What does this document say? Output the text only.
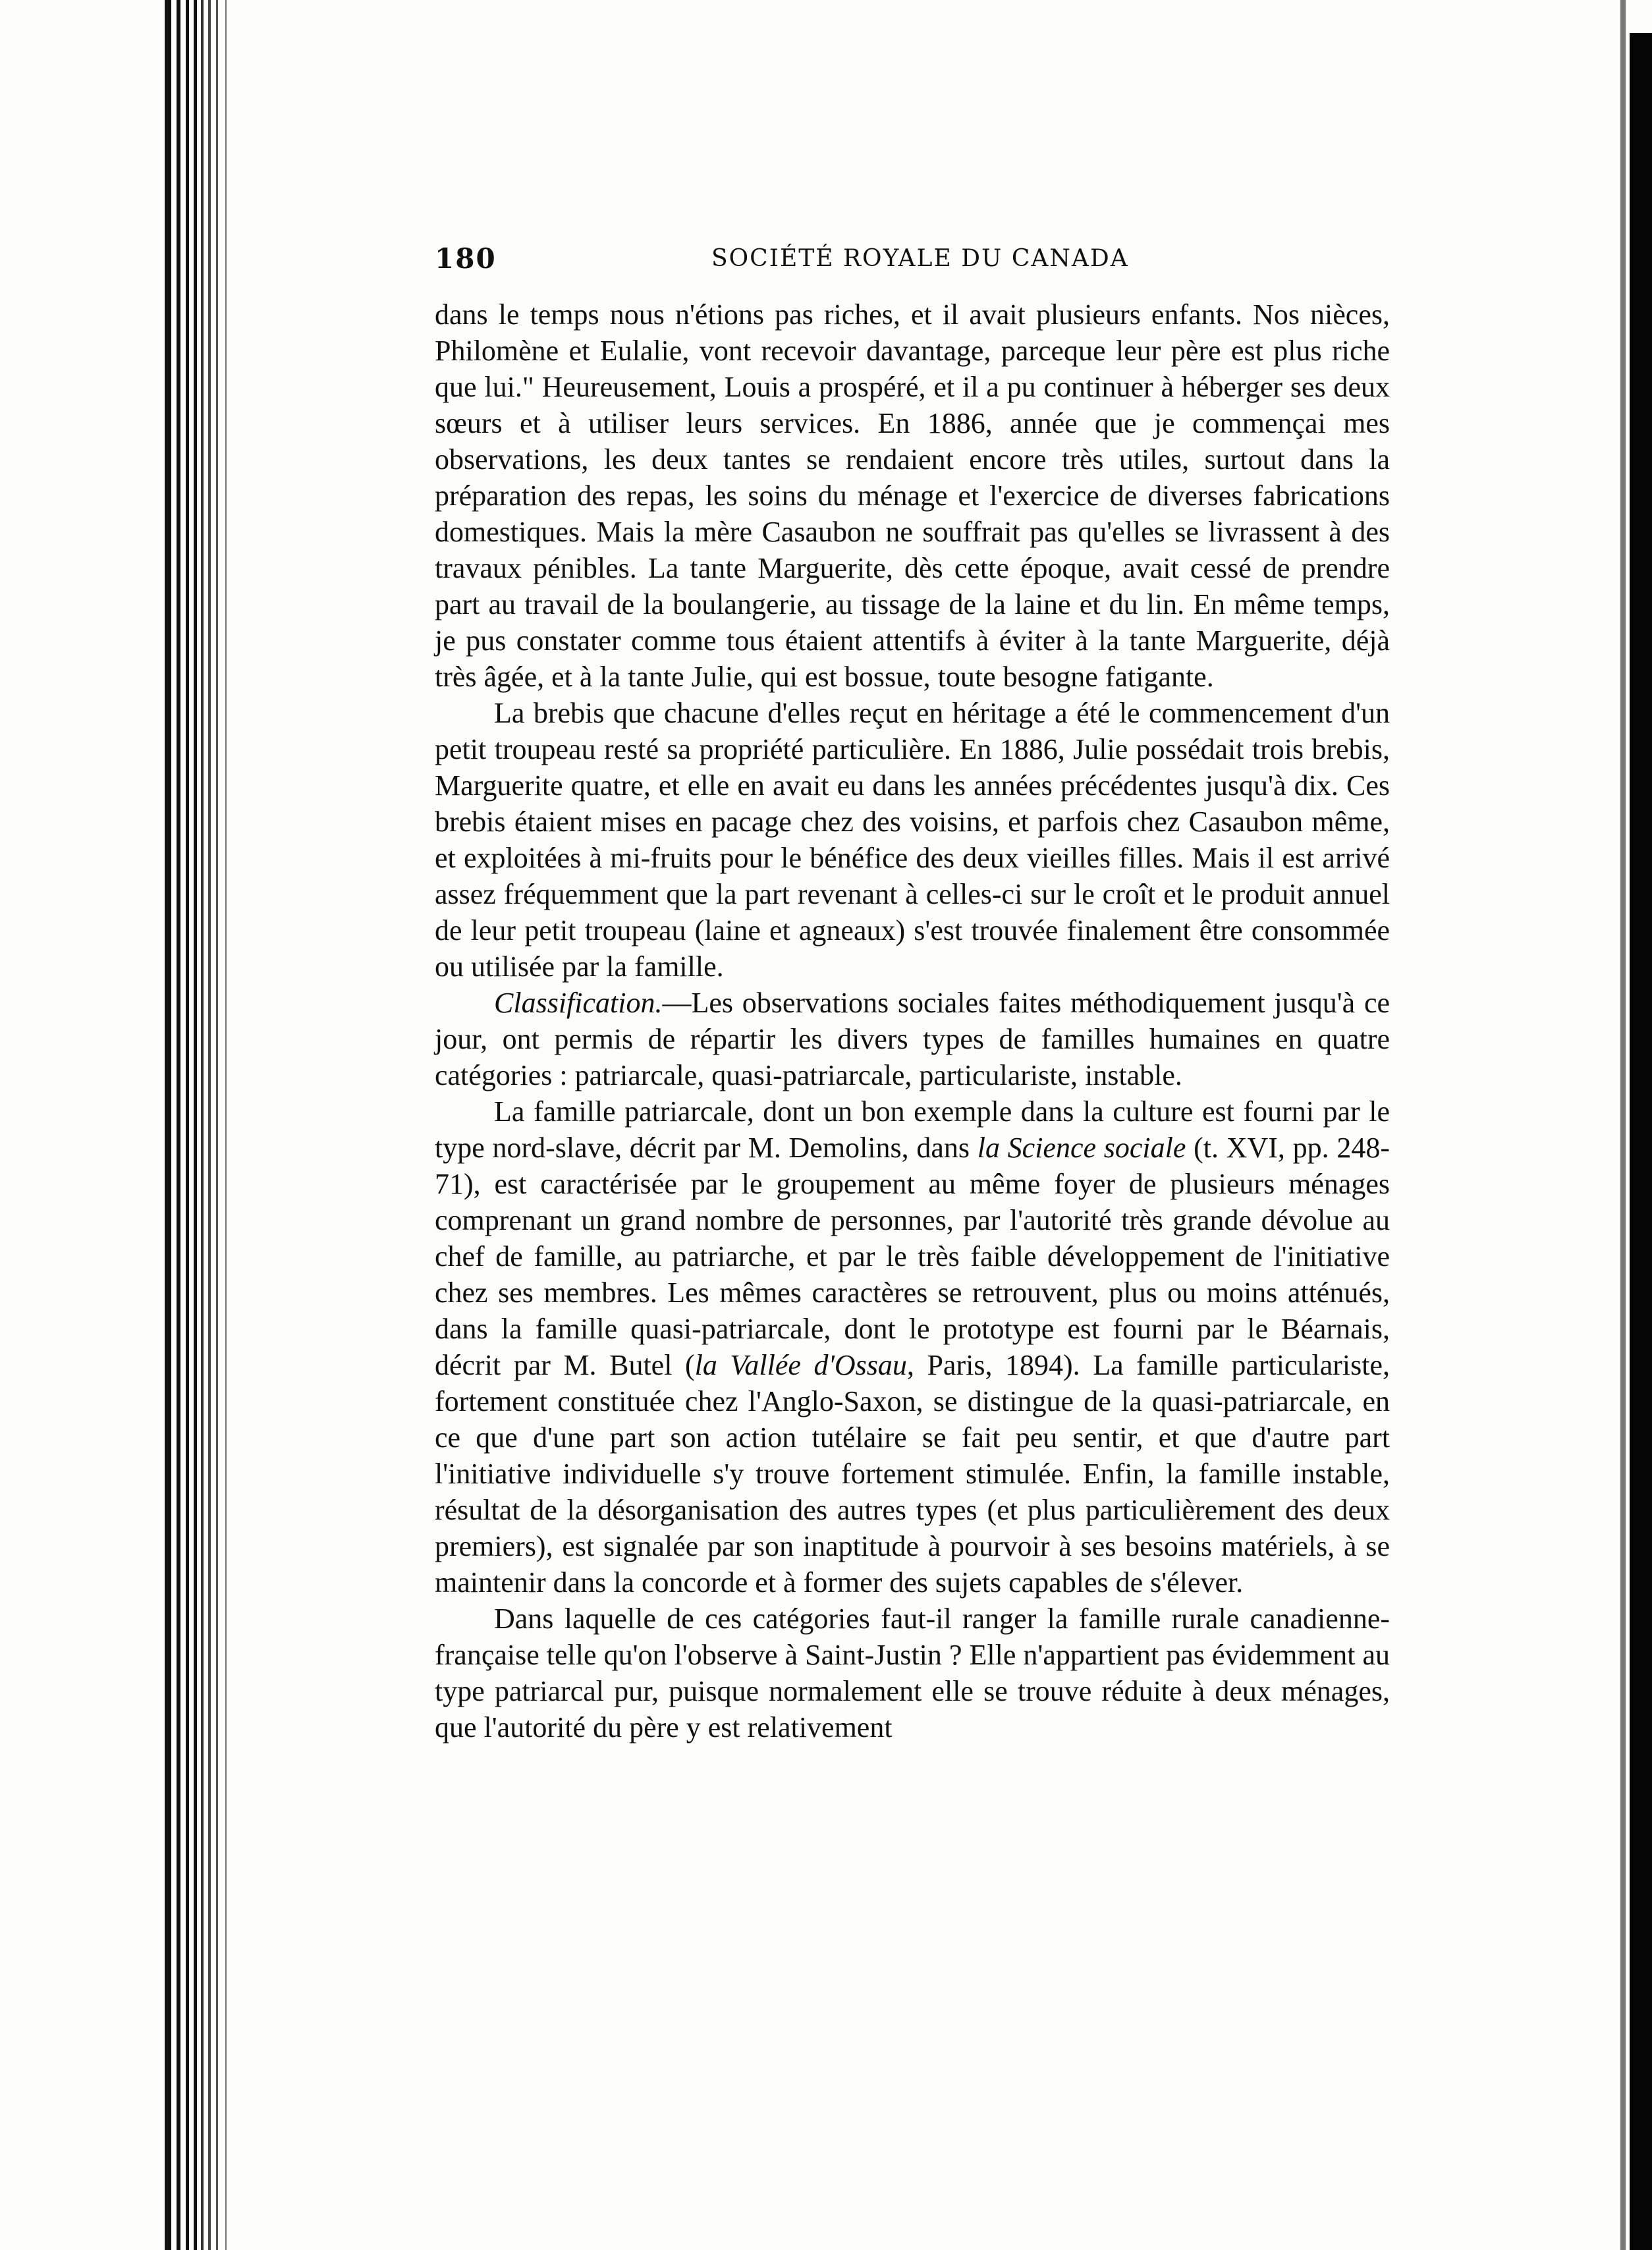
180	SOCIÉTÉ ROYALE DU CANADA

dans le temps nous n'étions pas riches, et il avait plusieurs enfants. Nos nièces, Philomène et Eulalie, vont recevoir davantage, parceque leur père est plus riche que lui." Heureusement, Louis a prospéré, et il a pu continuer à héberger ses deux sœurs et à utiliser leurs services. En 1886, année que je commençai mes observations, les deux tantes se rendaient encore très utiles, surtout dans la préparation des repas, les soins du ménage et l'exercice de diverses fabrications domestiques. Mais la mère Casaubon ne souffrait pas qu'elles se livrassent à des travaux pénibles. La tante Marguerite, dès cette époque, avait cessé de prendre part au travail de la boulangerie, au tissage de la laine et du lin. En même temps, je pus constater comme tous étaient attentifs à éviter à la tante Marguerite, déjà très âgée, et à la tante Julie, qui est bossue, toute besogne fatigante.

La brebis que chacune d'elles reçut en héritage a été le commencement d'un petit troupeau resté sa propriété particulière. En 1886, Julie possédait trois brebis, Marguerite quatre, et elle en avait eu dans les années précédentes jusqu'à dix. Ces brebis étaient mises en pacage chez des voisins, et parfois chez Casaubon même, et exploitées à mi-fruits pour le bénéfice des deux vieilles filles. Mais il est arrivé assez fréquemment que la part revenant à celles-ci sur le croît et le produit annuel de leur petit troupeau (laine et agneaux) s'est trouvée finalement être consommée ou utilisée par la famille.

Classification.—Les observations sociales faites méthodiquement jusqu'à ce jour, ont permis de répartir les divers types de familles humaines en quatre catégories : patriarcale, quasi-patriarcale, particulariste, instable.

La famille patriarcale, dont un bon exemple dans la culture est fourni par le type nord-slave, décrit par M. Demolins, dans la Science sociale (t. XVI, pp. 248-71), est caractérisée par le groupement au même foyer de plusieurs ménages comprenant un grand nombre de personnes, par l'autorité très grande dévolue au chef de famille, au patriarche, et par le très faible développement de l'initiative chez ses membres. Les mêmes caractères se retrouvent, plus ou moins atténués, dans la famille quasi-patriarcale, dont le prototype est fourni par le Béarnais, décrit par M. Butel (la Vallée d'Ossau, Paris, 1894). La famille particulariste, fortement constituée chez l'Anglo-Saxon, se distingue de la quasi-patriarcale, en ce que d'une part son action tutélaire se fait peu sentir, et que d'autre part l'initiative individuelle s'y trouve fortement stimulée. Enfin, la famille instable, résultat de la désorganisation des autres types (et plus particulièrement des deux premiers), est signalée par son inaptitude à pourvoir à ses besoins matériels, à se maintenir dans la concorde et à former des sujets capables de s'élever.

Dans laquelle de ces catégories faut-il ranger la famille rurale canadienne-française telle qu'on l'observe à Saint-Justin ? Elle n'appartient pas évidemment au type patriarcal pur, puisque normalement elle se trouve réduite à deux ménages, que l'autorité du père y est relativement
